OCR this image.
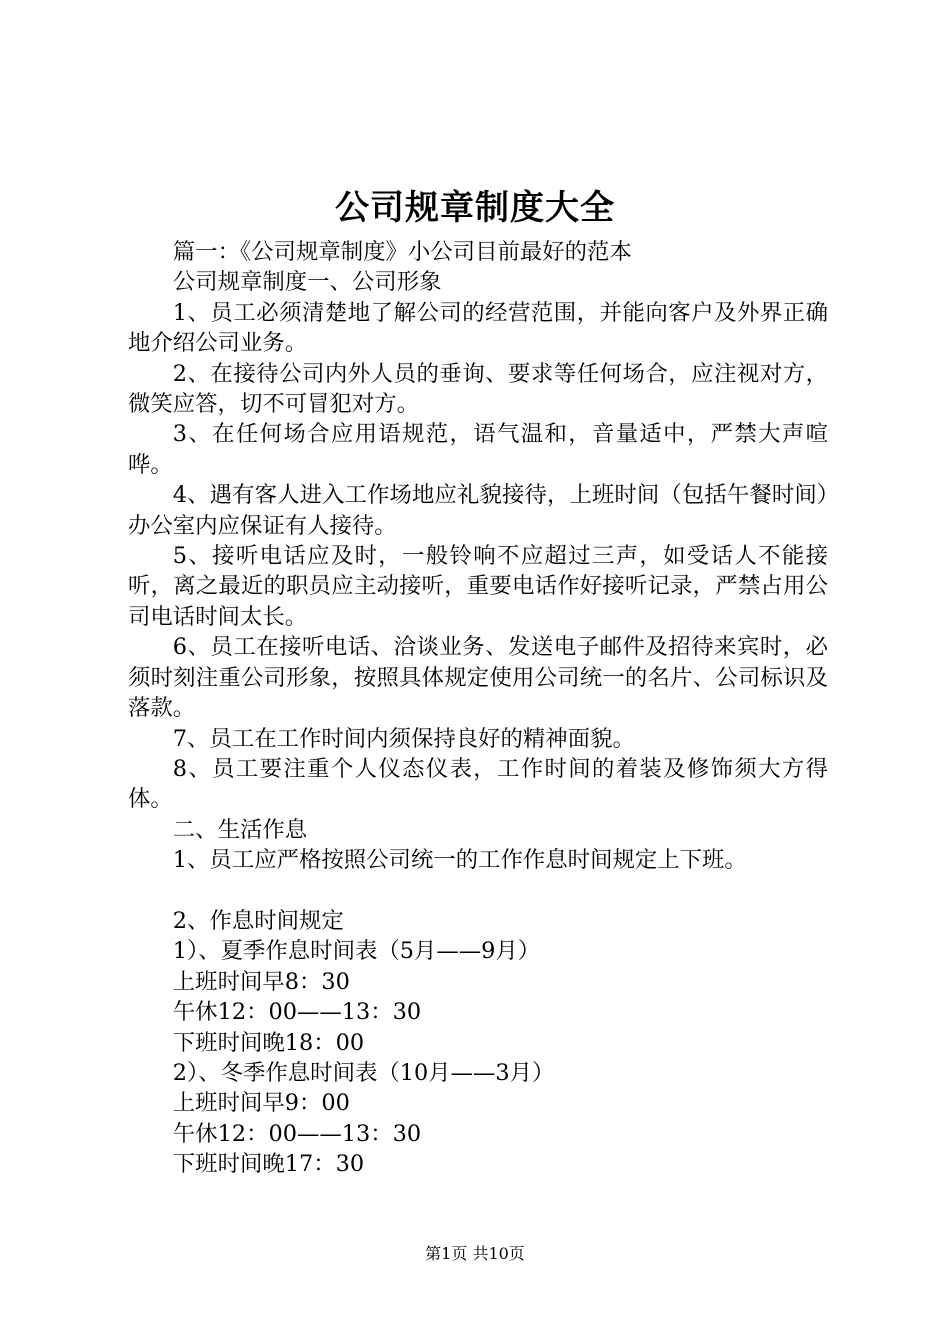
公司规章制度大全

篇一：《公司规章制度》小公司目前最好的范本

公司规章制度一、公司形象

1、员工必须清楚地了解公司的经营范围，并能向客户及外界正确地介绍公司业务。

2、在接待公司内外人员的垂询、要求等任何场合，应注视对方，微笑应答，切不可冒犯对方。

3、在任何场合应用语规范，语气温和，音量适中，严禁大声喧哗。

4、遇有客人进入工作场地应礼貌接待，上班时间（包括午餐时间）办公室内应保证有人接待。

5、接听电话应及时，一般铃响不应超过三声，如受话人不能接听，离之最近的职员应主动接听，重要电话作好接听记录，严禁占用公司电话时间太长。

6、员工在接听电话、洽谈业务、发送电子邮件及招待来宾时，必须时刻注重公司形象，按照具体规定使用公司统一的名片、公司标识及落款。

7、员工在工作时间内须保持良好的精神面貌。

8、员工要注重个人仪态仪表，工作时间的着装及修饰须大方得体。

二、生活作息

1、员工应严格按照公司统一的工作作息时间规定上下班。

2、作息时间规定

1）、夏季作息时间表（5月——9月）

上班时间早8：30

午休12：00——13：30

下班时间晚18：00

2）、冬季作息时间表（10月——3月）

上班时间早9：00

午休12：00——13：30

下班时间晚17：30

第1页 共10页
